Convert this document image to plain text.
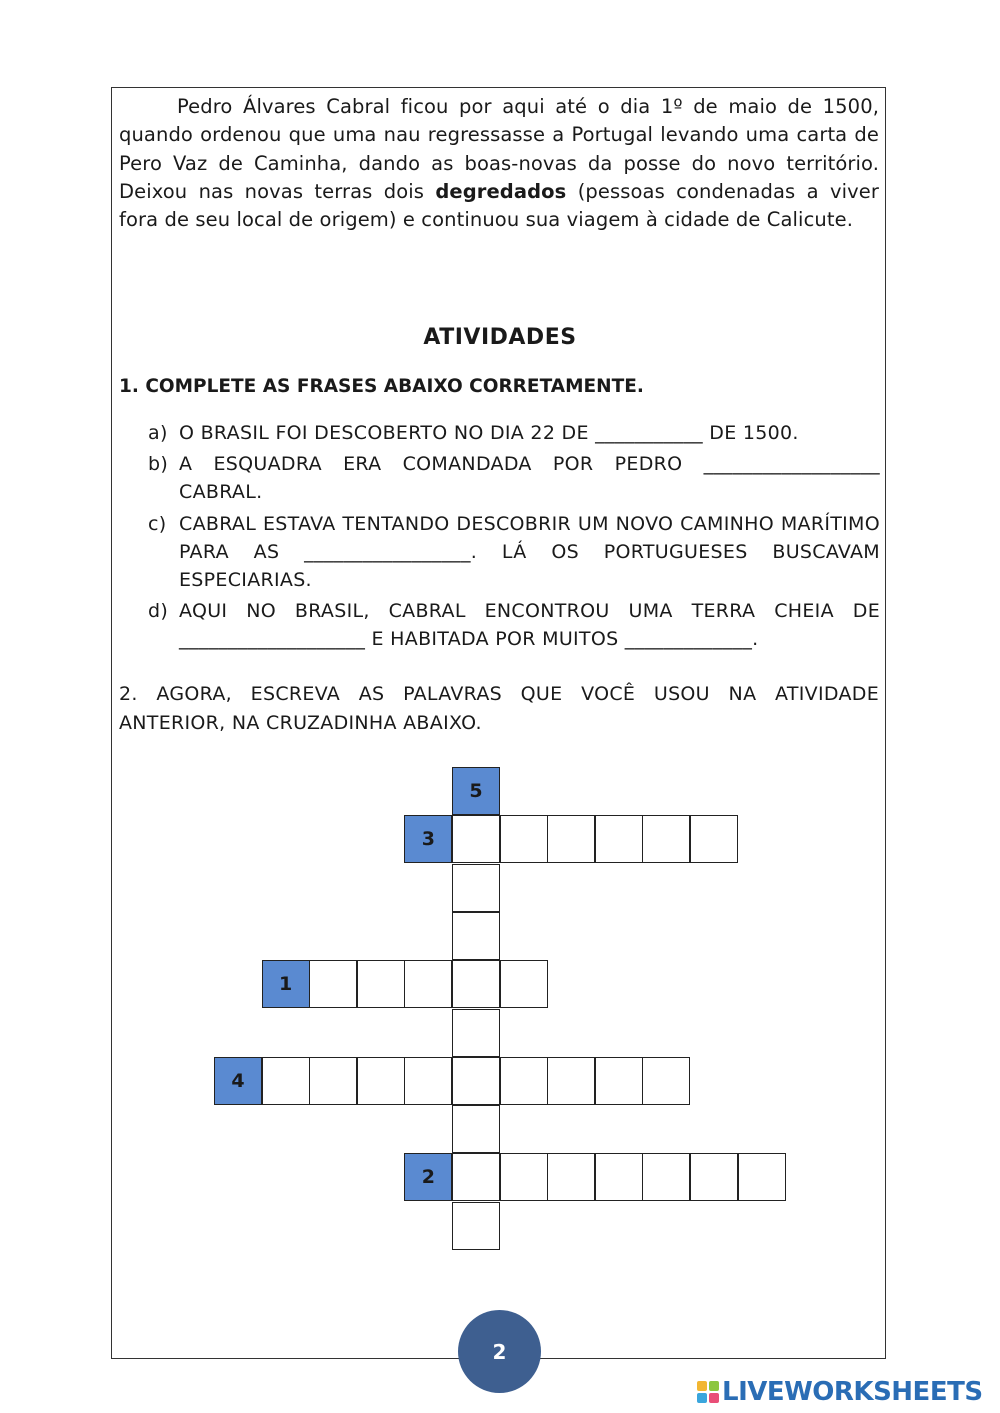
Pedro Álvares Cabral ficou por aqui até o dia 1º de maio de 1500, quando ordenou que uma nau regressasse a Portugal levando uma carta de Pero Vaz de Caminha, dando as boas-novas da posse do novo território. Deixou nas novas terras dois degredados (pessoas condenadas a viver fora de seu local de origem) e continuou sua viagem à cidade de Calicute.

ATIVIDADES

1. COMPLETE AS FRASES ABAIXO CORRETAMENTE.

a) O BRASIL FOI DESCOBERTO NO DIA 22 DE ___________ DE 1500.
b) A ESQUADRA ERA COMANDADA POR PEDRO __________________ CABRAL.
c) CABRAL ESTAVA TENTANDO DESCOBRIR UM NOVO CAMINHO MARÍTIMO PARA AS _________________. LÁ OS PORTUGUESES BUSCAVAM ESPECIARIAS.
d) AQUI NO BRASIL, CABRAL ENCONTROU UMA TERRA CHEIA DE ___________________ E HABITADA POR MUITOS _____________.

2. AGORA, ESCREVA AS PALAVRAS QUE VOCÊ USOU NA ATIVIDADE ANTERIOR, NA CRUZADINHA ABAIXO.

5
3
1
4
2
2
LIVEWORKSHEETS
